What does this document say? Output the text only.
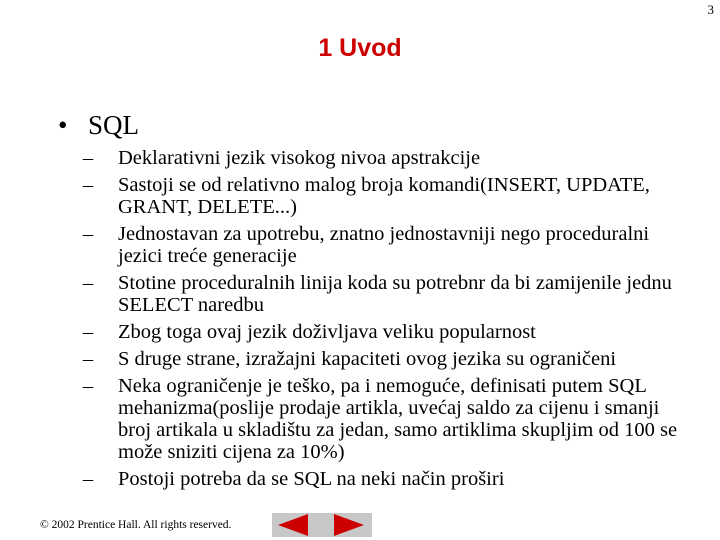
3
1 Uvod
• SQL
–	Deklarativni jezik visokog nivoa apstrakcije
–	Sastoji se od relativno malog broja komandi(INSERT, UPDATE, GRANT, DELETE...)
–	Jednostavan za upotrebu, znatno jednostavniji nego proceduralni jezici treće generacije
–	Stotine proceduralnih linija koda su potrebnr da bi zamijenile jednu SELECT naredbu
–	Zbog toga ovaj jezik doživljava veliku popularnost
–	S druge strane, izražajni kapaciteti ovog jezika su ograničeni
–	Neka ograničenje je teško, pa i nemoguće, definisati putem SQL mehanizma(poslije prodaje artikla, uvećaj saldo za cijenu i smanji broj artikala u skladištu za jedan, samo artiklima skupljim od 100 se može sniziti cijena za 10%)
–	Postoji potreba da se SQL na neki način proširi
© 2002 Prentice Hall. All rights reserved.
